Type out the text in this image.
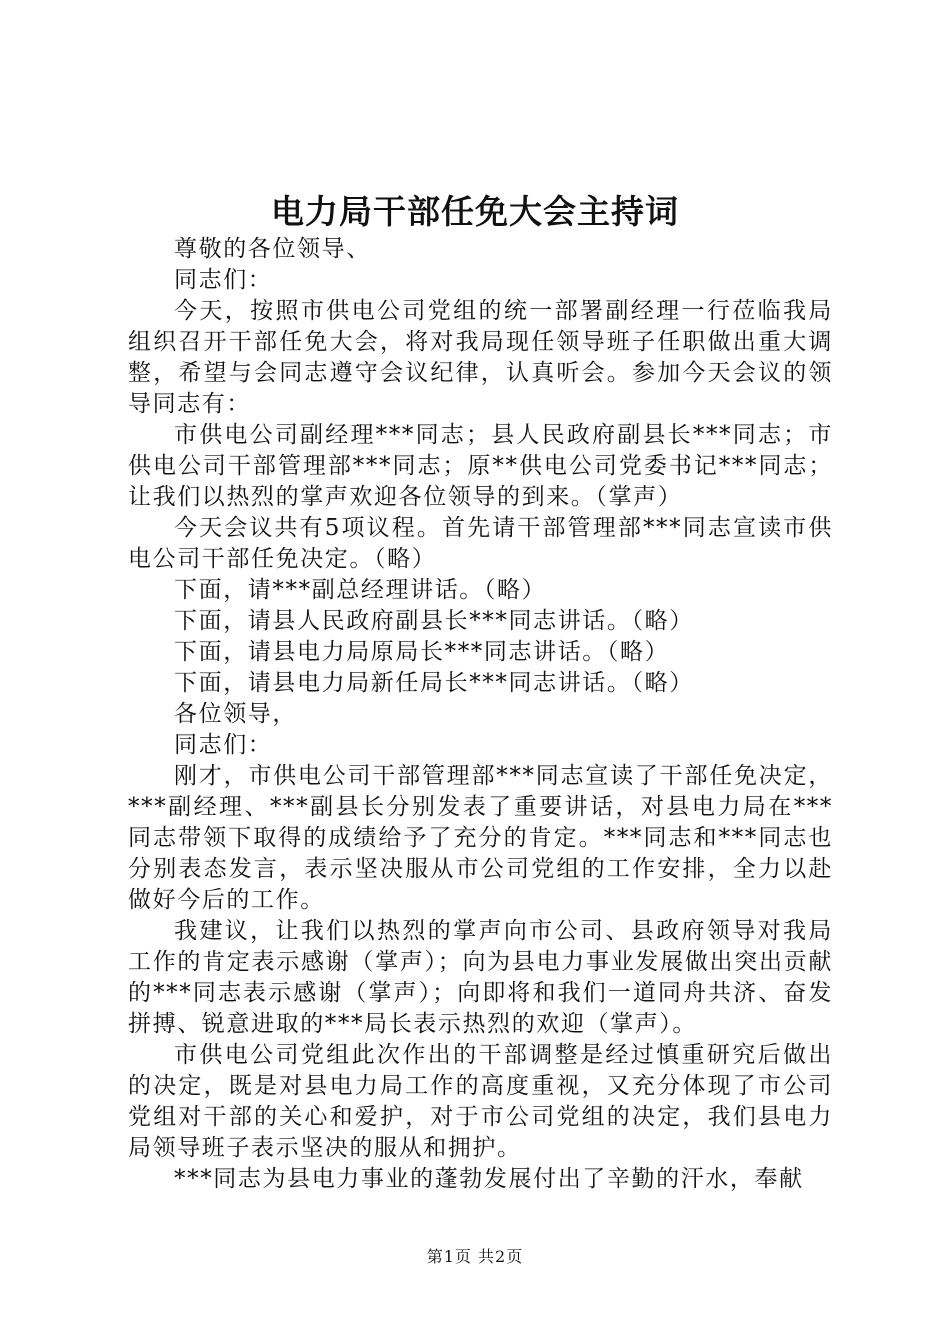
电力局干部任免大会主持词

尊敬的各位领导、

同志们：

今天，按照市供电公司党组的统一部署副经理一行莅临我局组织召开干部任免大会，将对我局现任领导班子任职做出重大调整，希望与会同志遵守会议纪律，认真听会。参加今天会议的领导同志有：

市供电公司副经理***同志；县人民政府副县长***同志；市供电公司干部管理部***同志；原**供电公司党委书记***同志；让我们以热烈的掌声欢迎各位领导的到来。（掌声）

今天会议共有5项议程。首先请干部管理部***同志宣读市供电公司干部任免决定。（略）

下面，请***副总经理讲话。（略）

下面，请县人民政府副县长***同志讲话。（略）

下面，请县电力局原局长***同志讲话。（略）

下面，请县电力局新任局长***同志讲话。（略）

各位领导，

同志们：

刚才，市供电公司干部管理部***同志宣读了干部任免决定，***副经理、***副县长分别发表了重要讲话，对县电力局在***同志带领下取得的成绩给予了充分的肯定。***同志和***同志也分别表态发言，表示坚决服从市公司党组的工作安排，全力以赴做好今后的工作。

我建议，让我们以热烈的掌声向市公司、县政府领导对我局工作的肯定表示感谢（掌声）；向为县电力事业发展做出突出贡献的***同志表示感谢（掌声）；向即将和我们一道同舟共济、奋发拼搏、锐意进取的***局长表示热烈的欢迎（掌声）。

市供电公司党组此次作出的干部调整是经过慎重研究后做出的决定，既是对县电力局工作的高度重视，又充分体现了市公司党组对干部的关心和爱护，对于市公司党组的决定，我们县电力局领导班子表示坚决的服从和拥护。

***同志为县电力事业的蓬勃发展付出了辛勤的汗水，奉献

第1页 共2页
